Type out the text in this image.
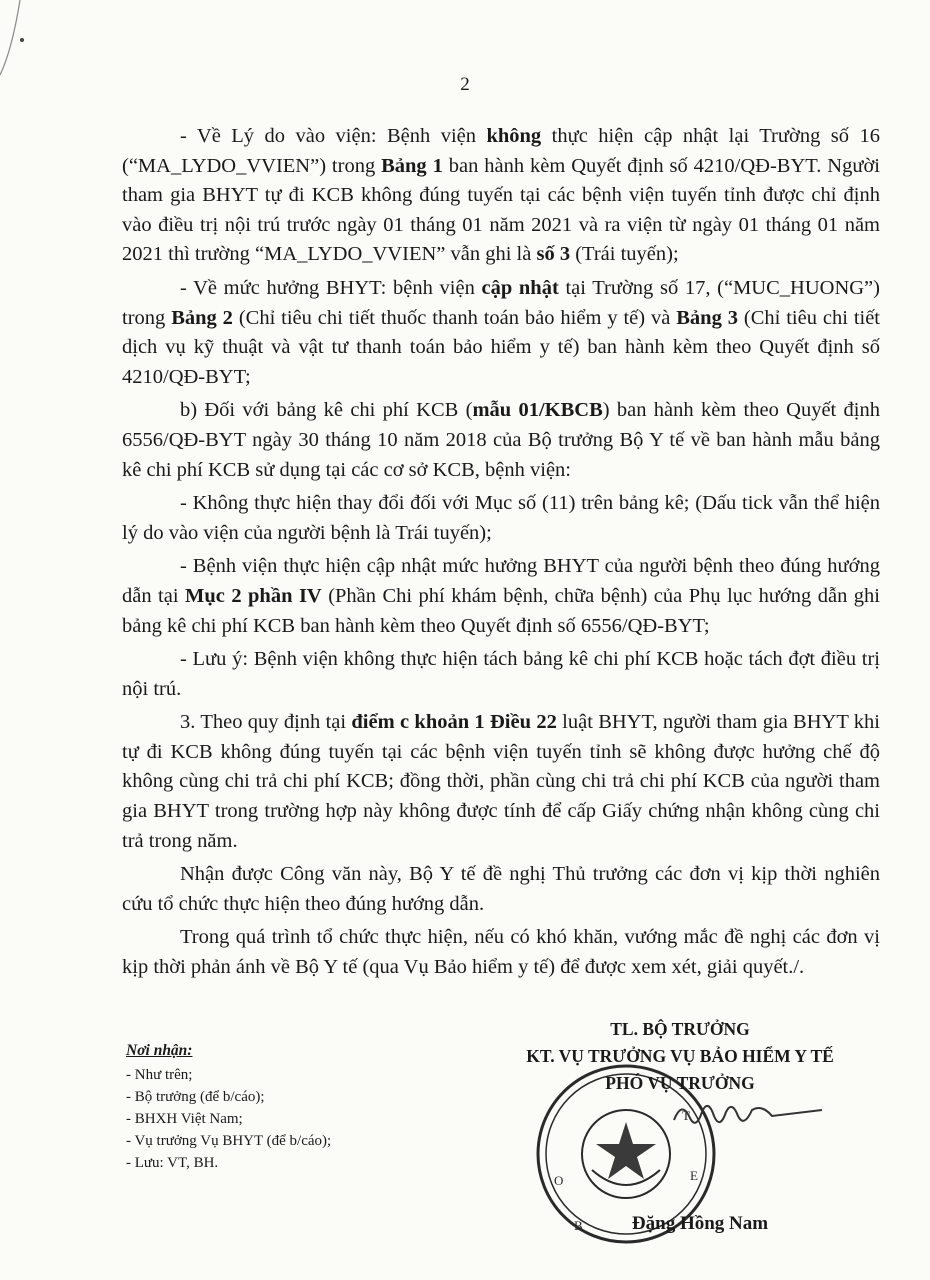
2

- Về Lý do vào viện: Bệnh viện không thực hiện cập nhật lại Trường số 16 (“MA_LYDO_VVIEN”) trong Bảng 1 ban hành kèm Quyết định số 4210/QĐ-BYT. Người tham gia BHYT tự đi KCB không đúng tuyến tại các bệnh viện tuyến tỉnh được chỉ định vào điều trị nội trú trước ngày 01 tháng 01 năm 2021 và ra viện từ ngày 01 tháng 01 năm 2021 thì trường “MA_LYDO_VVIEN” vẫn ghi là số 3 (Trái tuyến);

- Về mức hưởng BHYT: bệnh viện cập nhật tại Trường số 17, (“MUC_HUONG”) trong Bảng 2 (Chỉ tiêu chi tiết thuốc thanh toán bảo hiểm y tế) và Bảng 3 (Chỉ tiêu chi tiết dịch vụ kỹ thuật và vật tư thanh toán bảo hiểm y tế) ban hành kèm theo Quyết định số 4210/QĐ-BYT;

b) Đối với bảng kê chi phí KCB (mẫu 01/KBCB) ban hành kèm theo Quyết định 6556/QĐ-BYT ngày 30 tháng 10 năm 2018 của Bộ trưởng Bộ Y tế về ban hành mẫu bảng kê chi phí KCB sử dụng tại các cơ sở KCB, bệnh viện:

- Không thực hiện thay đổi đối với Mục số (11) trên bảng kê; (Dấu tick vẫn thể hiện lý do vào viện của người bệnh là Trái tuyến);

- Bệnh viện thực hiện cập nhật mức hưởng BHYT của người bệnh theo đúng hướng dẫn tại Mục 2 phần IV (Phần Chi phí khám bệnh, chữa bệnh) của Phụ lục hướng dẫn ghi bảng kê chi phí KCB ban hành kèm theo Quyết định số 6556/QĐ-BYT;

- Lưu ý: Bệnh viện không thực hiện tách bảng kê chi phí KCB hoặc tách đợt điều trị nội trú.

3. Theo quy định tại điểm c khoản 1 Điều 22 luật BHYT, người tham gia BHYT khi tự đi KCB không đúng tuyến tại các bệnh viện tuyến tỉnh sẽ không được hưởng chế độ không cùng chi trả chi phí KCB; đồng thời, phần cùng chi trả chi phí KCB của người tham gia BHYT trong trường hợp này không được tính để cấp Giấy chứng nhận không cùng chi trả trong năm.

Nhận được Công văn này, Bộ Y tế đề nghị Thủ trưởng các đơn vị kịp thời nghiên cứu tổ chức thực hiện theo đúng hướng dẫn.

Trong quá trình tổ chức thực hiện, nếu có khó khăn, vướng mắc đề nghị các đơn vị kịp thời phản ánh về Bộ Y tế (qua Vụ Bảo hiểm y tế) để được xem xét, giải quyết./.

Nơi nhận:
- Như trên;
- Bộ trưởng (để b/cáo);
- BHXH Việt Nam;
- Vụ trưởng Vụ BHYT (để b/cáo);
- Lưu: VT, BH.
T
E
O
B
TL. BỘ TRƯỞNG
KT. VỤ TRƯỞNG VỤ BẢO HIỂM Y TẾ
PHÓ VỤ TRƯỞNG
Đặng Hồng Nam
